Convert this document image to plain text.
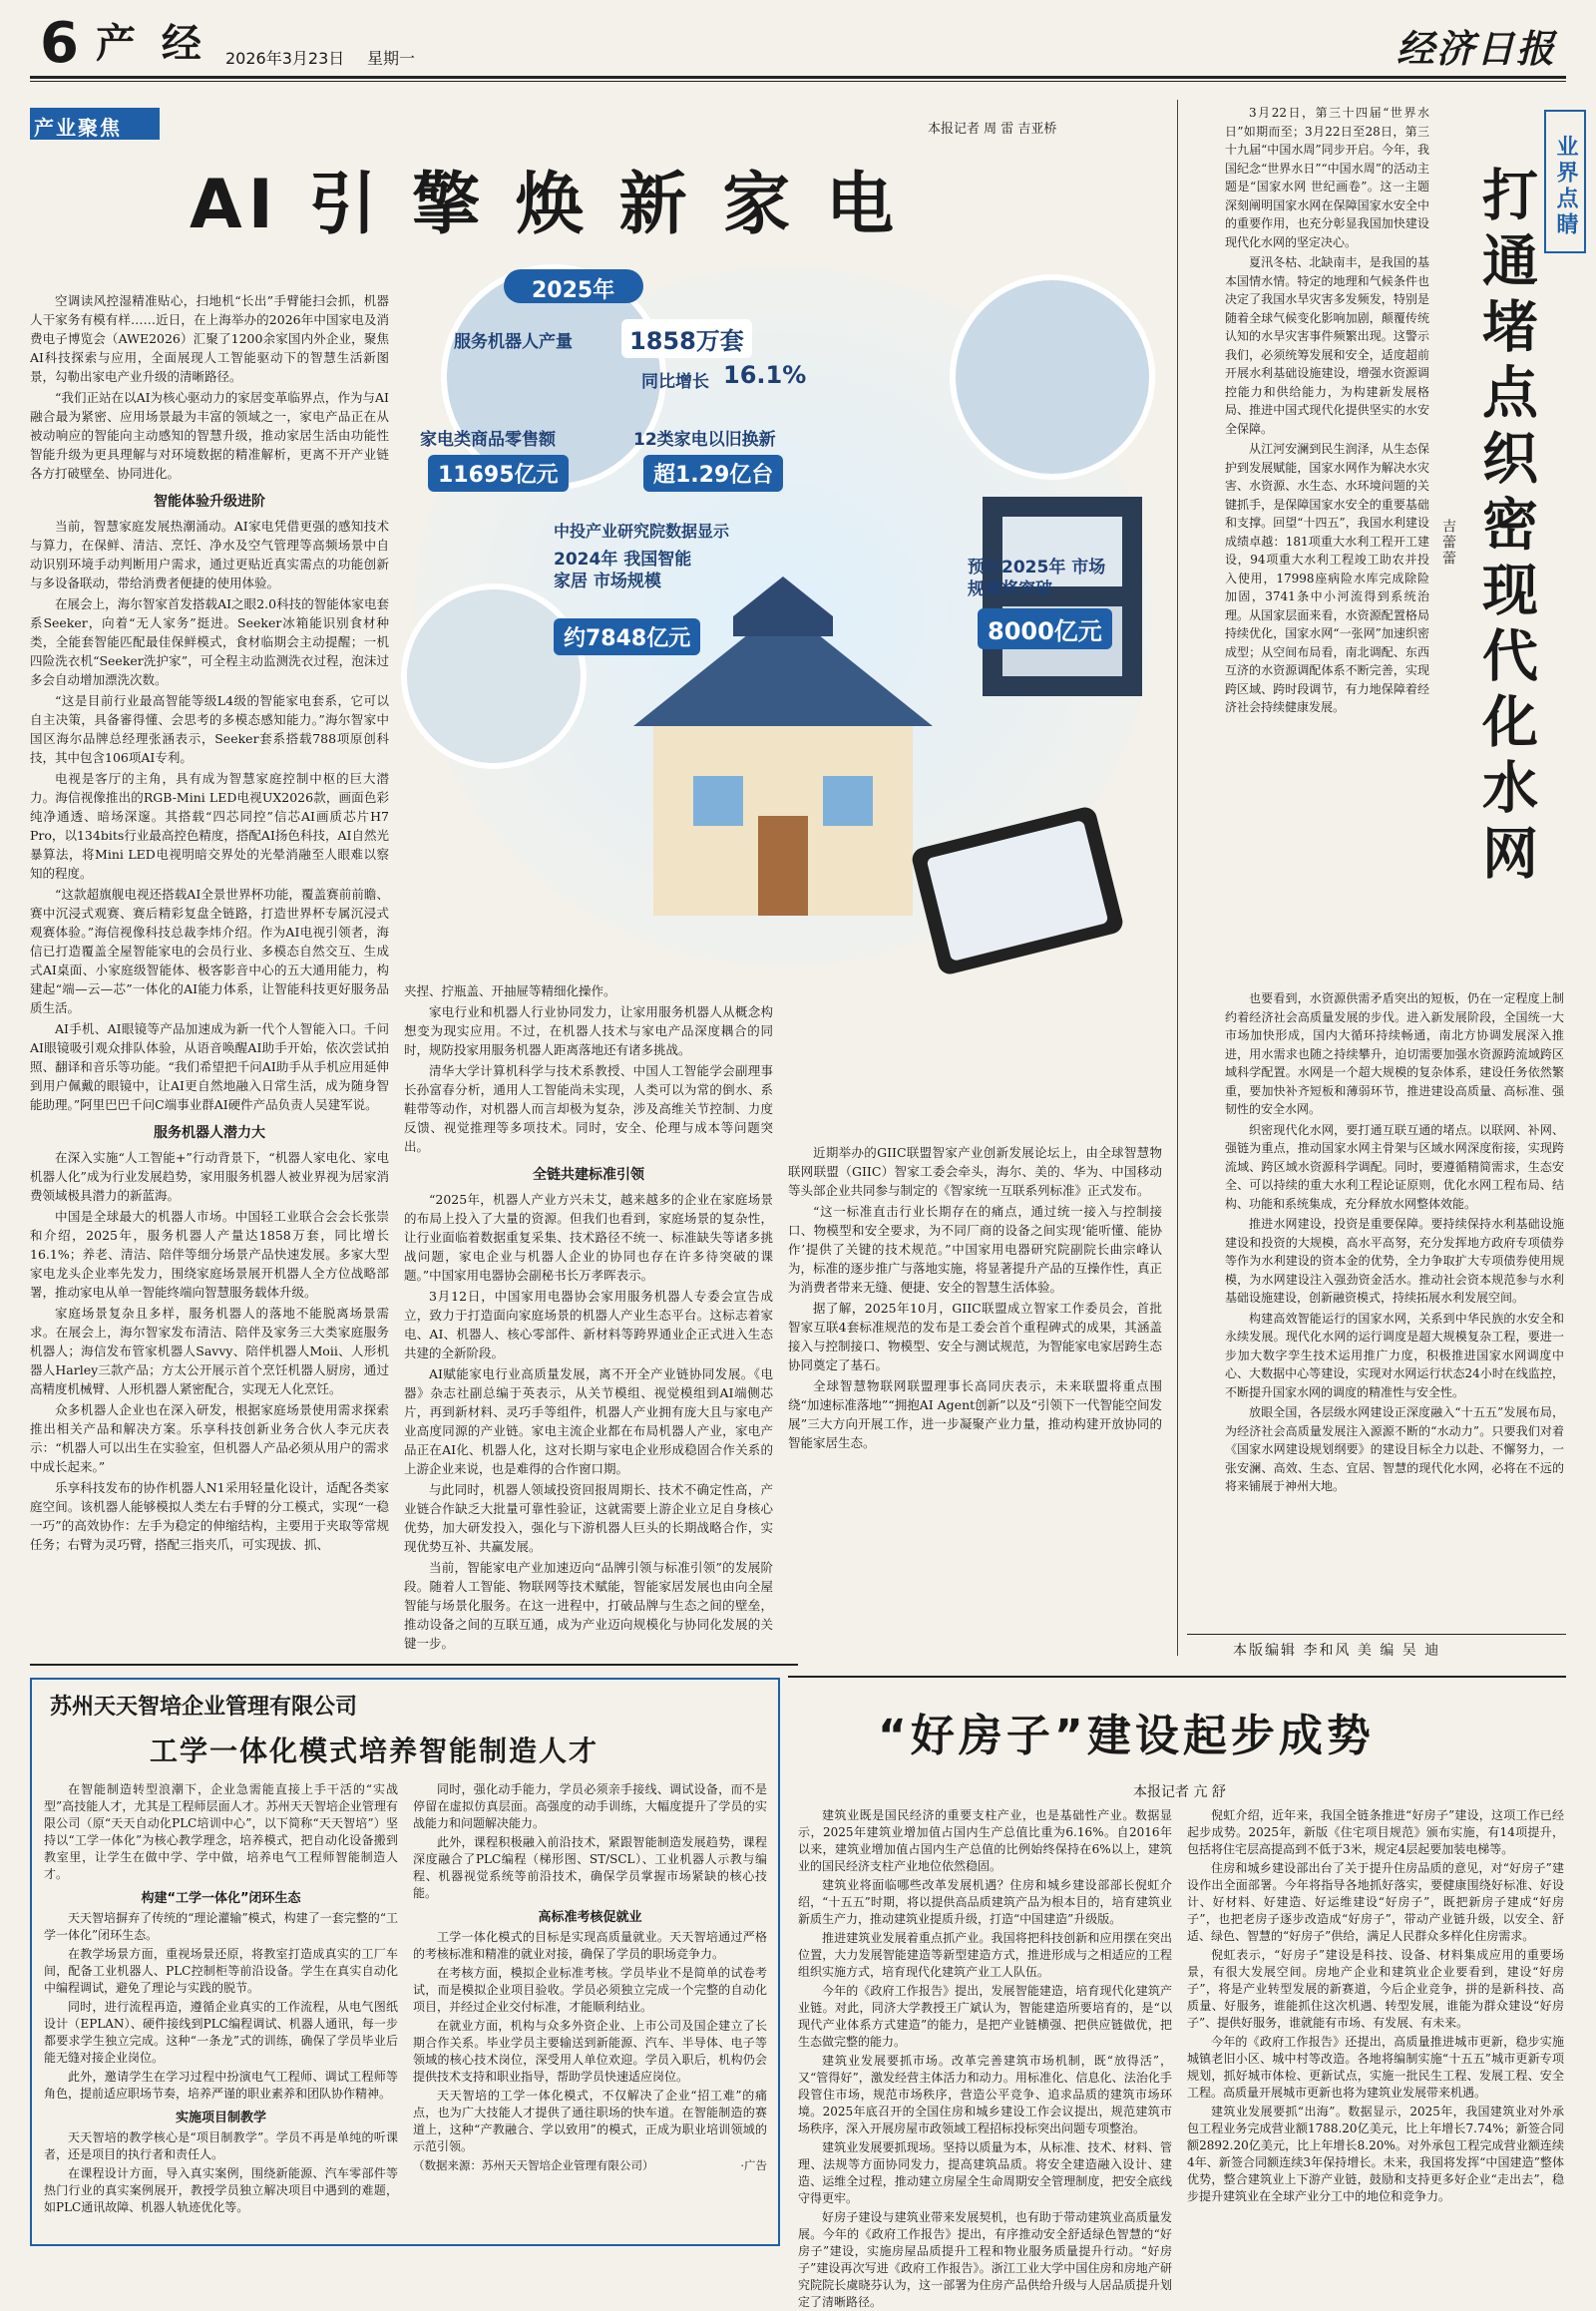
6 产 经 2026年3月23日 星期一	经济日报
产业聚焦	本报记者 周 雷 吉亚桥
AI 引 擎 焕 新 家 电
2025年
服务机器人产量	1858万套
同比增长 16.1%
家电类商品零售额
11695亿元
12类家电以旧换新
超1.29亿台
中投产业研究院数据显示
2024年 我国智能家居 市场规模
约7848亿元
预计2025年 市场规模将突破
8000亿元

空调读风控湿精准贴心，扫地机“长出”手臂能扫会抓，机器人干家务有模有样……近日，在上海举办的2026年中国家电及消费电子博览会（AWE2026）汇聚了1200余家国内外企业，聚焦AI科技探索与应用，全面展现人工智能驱动下的智慧生活新图景，勾勒出家电产业升级的清晰路径。

“我们正站在以AI为核心驱动力的家居变革临界点，作为与AI融合最为紧密、应用场景最为丰富的领域之一，家电产品正在从被动响应的智能向主动感知的智慧升级，推动家居生活由功能性智能升级为更具理解与对环境数据的精准解析，更离不开产业链各方打破壁垒、协同进化。

智能体验升级进阶

当前，智慧家庭发展热潮涌动。AI家电凭借更强的感知技术与算力，在保鲜、清洁、烹饪、净水及空气管理等高频场景中自动识别环境手动判断用户需求，通过更贴近真实需点的功能创新与多设备联动，带给消费者便捷的使用体验。

在展会上，海尔智家首发搭载AI之眼2.0科技的智能体家电套系Seeker，向着“无人家务”挺进。Seeker冰箱能识别食材种类，全能套智能匹配最佳保鲜模式，食材临期会主动提醒；一机四险洗衣机“Seeker洗护家”，可全程主动监测洗衣过程，泡沫过多会自动增加漂洗次数。

“这是目前行业最高智能等级L4级的智能家电套系，它可以自主决策，具备審得懂、会思考的多模态感知能力。”海尔智家中国区海尔品牌总经理张涵表示，Seeker套系搭载788项原创科技，其中包含106项AI专利。

电视是客厅的主角，具有成为智慧家庭控制中枢的巨大潜力。海信视像推出的RGB-Mini LED电视UX2026款，画面色彩纯净通透、暗场深邃。其搭载“四芯同控”信芯AI画质芯片H7 Pro，以134bits行业最高控色精度，搭配AI扬色科技，AI自然光暴算法，将Mini LED电视明暗交界处的光晕消融至人眼难以察知的程度。

“这款超旗舰电视还搭载AI全景世界杯功能，覆盖赛前前瞻、赛中沉浸式观赛、赛后精彩复盘全链路，打造世界杯专属沉浸式观赛体验。”海信视像科技总裁李炜介绍。作为AI电视引领者，海信已打造覆盖全屋智能家电的会员行业、多模态自然交互、生成式AI桌面、小家庭级智能体、极客影音中心的五大通用能力，构建起“端—云—芯”一体化的AI能力体系，让智能科技更好服务品质生活。

AI手机、AI眼镜等产品加速成为新一代个人智能入口。千问AI眼镜吸引观众排队体验，从语音唤醒AI助手开始，依次尝试拍照、翻译和音乐等功能。“我们希望把千问AI助手从手机应用延伸到用户佩戴的眼镜中，让AI更自然地融入日常生活，成为随身智能助理。”阿里巴巴千问C端事业群AI硬件产品负责人吴建军说。

服务机器人潜力大

在深入实施“人工智能+”行动背景下，“机器人家电化、家电机器人化”成为行业发展趋势，家用服务机器人被业界视为居家消费领域极具潜力的新蓝海。

中国是全球最大的机器人市场。中国轻工业联合会会长张崇和介绍，2025年，服务机器人产量达1858万套，同比增长16.1%；养老、清洁、陪伴等细分场景产品快速发展。多家大型家电龙头企业率先发力，围绕家庭场景展开机器人全方位战略部署，推动家电从单一智能终端向智慧服务载体升级。

家庭场景复杂且多样，服务机器人的落地不能脱离场景需求。在展会上，海尔智家发布清洁、陪伴及家务三大类家庭服务机器人；海信发布管家机器人Savvy、陪伴机器人Moii、人形机器人Harley三款产品；方太公开展示首个烹饪机器人厨房，通过高精度机械臂、人形机器人紧密配合，实现无人化烹饪。

众多机器人企业也在深入研发，根据家庭场景使用需求探索推出相关产品和解决方案。乐享科技创新业务合伙人李元庆表示：“机器人可以出生在实验室，但机器人产品必须从用户的需求中成长起来。”

乐享科技发布的协作机器人N1采用轻量化设计，适配各类家庭空间。该机器人能够模拟人类左右手臂的分工模式，实现“一稳一巧”的高效协作：左手为稳定的伸缩结构，主要用于夹取等常规任务；右臂为灵巧臂，搭配三指夹爪，可实现拔、抓、

夹捏、拧瓶盖、开抽屉等精细化操作。

家电行业和机器人行业协同发力，让家用服务机器人从概念构想变为现实应用。不过，在机器人技术与家电产品深度耦合的同时，规防投家用服务机器人距离落地还有诸多挑战。

清华大学计算机科学与技术系教授、中国人工智能学会副理事长孙富春分析，通用人工智能尚未实现，人类可以为常的倒水、系鞋带等动作，对机器人而言却极为复杂，涉及高维关节控制、力度反馈、视觉推理等多项技术。同时，安全、伦理与成本等问题突出。

全链共建标准引领

“2025年，机器人产业方兴未艾，越来越多的企业在家庭场景的布局上投入了大量的资源。但我们也看到，家庭场景的复杂性，让行业面临着数据重复采集、技术路径不统一、标准缺失等诸多挑战问题，家电企业与机器人企业的协同也存在许多待突破的课题。”中国家用电器协会副秘书长万孝晖表示。

3月12日，中国家用电器协会家用服务机器人专委会宣告成立，致力于打造面向家庭场景的机器人产业生态平台。这标志着家电、AI、机器人、核心零部件、新材料等跨界通业企正式进入生态共建的全新阶段。

AI赋能家电行业高质量发展，离不开全产业链协同发展。《电器》杂志社副总编于英表示，从关节模组、视觉模组到AI端侧芯片，再到新材料、灵巧手等组件，机器人产业拥有庞大且与家电产业高度同源的产业链。家电主流企业都在布局机器人产业，家电产品正在AI化、机器人化，这对长期与家电企业形成稳固合作关系的上游企业来说，也是难得的合作窗口期。

与此同时，机器人领域投资回报周期长、技术不确定性高，产业链合作缺乏大批量可靠性验证，这就需要上游企业立足自身核心优势，加大研发投入，强化与下游机器人巨头的长期战略合作，实现优势互补、共赢发展。

当前，智能家电产业加速迈向“品牌引领与标准引领”的发展阶段。随着人工智能、物联网等技术赋能，智能家居发展也由向全屋智能与场景化服务。在这一进程中，打破品牌与生态之间的壁垒，推动设备之间的互联互通，成为产业迈向规模化与协同化发展的关键一步。

近期举办的GIIC联盟智家产业创新发展论坛上，由全球智慧物联网联盟（GIIC）智家工委会牵头，海尔、美的、华为、中国移动等头部企业共同参与制定的《智家统一互联系列标准》正式发布。

“这一标准直击行业长期存在的痛点，通过统一接入与控制接口、物模型和安全要求，为不同厂商的设备之间实现‘能听懂、能协作’提供了关键的技术规范。”中国家用电器研究院副院长曲宗峰认为，标准的逐步推广与落地实施，将显著提升产品的互操作性，真正为消费者带来无缝、便捷、安全的智慧生活体验。

据了解，2025年10月，GIIC联盟成立智家工作委员会，首批智家互联4套标准规范的发布是工委会首个重程碑式的成果，其涵盖接入与控制接口、物模型、安全与测试规范，为智能家电家居跨生态协同奠定了基石。

全球智慧物联网联盟理事长高同庆表示，未来联盟将重点围绕“加速标准落地”“拥抱AI Agent创新”以及“引领下一代智能空间发展”三大方向开展工作，进一步凝聚产业力量，推动构建开放协同的智能家居生态。

业界点睛
打通堵点织密现代化水网
吉蕾蕾

3月22日，第三十四届“世界水日”如期而至；3月22日至28日，第三十九届“中国水周”同步开启。今年，我国纪念“世界水日”“中国水周”的活动主题是“国家水网 世纪画卷”。这一主题深刻阐明国家水网在保障国家水安全中的重要作用，也充分彰显我国加快建设现代化水网的坚定决心。

夏汛冬枯、北缺南丰，是我国的基本国情水情。特定的地理和气候条件也决定了我国水旱灾害多发频发，特别是随着全球气候变化影响加剧，颠覆传统认知的水旱灾害事件频繁出现。这警示我们，必须统筹发展和安全，适度超前开展水利基础设施建设，增强水资源调控能力和供给能力，为构建新发展格局、推进中国式现代化提供坚实的水安全保障。

从江河安澜到民生润泽，从生态保护到发展赋能，国家水网作为解决水灾害、水资源、水生态、水环境问题的关键抓手，是保障国家水安全的重要基础和支撑。回望“十四五”，我国水利建设成绩卓越：181项重大水利工程开工建设，94项重大水利工程竣工助农并投入使用，17998座病险水库完成除险加固，3741条中小河流得到系统治理。从国家层面来看，水资源配置格局持续优化，国家水网“一张网”加速织密成型；从空间布局看，南北调配、东西互济的水资源调配体系不断完善，实现跨区域、跨时段调节，有力地保障着经济社会持续健康发展。

也要看到，水资源供需矛盾突出的短板，仍在一定程度上制约着经济社会高质量发展的步伐。进入新发展阶段，全国统一大市场加快形成，国内大循环持续畅通，南北方协调发展深入推进，用水需求也随之持续攀升，迫切需要加强水资源跨流域跨区域科学配置。水网是一个超大规模的复杂体系，建设任务依然繁重，要加快补齐短板和薄弱环节，推进建设高质量、高标准、强韧性的安全水网。

织密现代化水网，要打通互联互通的堵点。以联网、补网、强链为重点，推动国家水网主骨架与区域水网深度衔接，实现跨流域、跨区域水资源科学调配。同时，要遵循精简需求，生态安全、可以持续的重大水利工程论证原则，优化水网工程布局、结构、功能和系统集成，充分释放水网整体效能。

推进水网建设，投资是重要保障。要持续保持水利基础设施建设和投资的大规模，高水平高努，充分发挥地方政府专项债券等作为水利建设的资本金的优势，全力争取扩大专项债券使用规模，为水网建设注入强劲资金活水。推动社会资本规范参与水利基础设施建设，创新融资模式，持续拓展水利发展空间。

构建高效智能运行的国家水网，关系到中华民族的水安全和永续发展。现代化水网的运行调度是超大规模复杂工程，要进一步加大数字孪生技术运用推广力度，积极推进国家水网调度中心、大数据中心等建设，实现对水网运行状态24小时在线监控，不断提升国家水网的调度的精准性与安全性。

放眼全国，各层级水网建设正深度融入“十五五”发展布局，为经济社会高质量发展注入源源不断的“水动力”。只要我们对着《国家水网建设规划纲要》的建设目标全力以赴、不懈努力，一张安澜、高效、生态、宜居、智慧的现代化水网，必将在不远的将来铺展于神州大地。

本版编辑 李和风 美 编 吴 迪
苏州天天智培企业管理有限公司
工学一体化模式培养智能制造人才

在智能制造转型浪潮下，企业急需能直接上手干活的“实战型”高技能人才，尤其是工程师层面人才。苏州天天智培企业管理有限公司（原“天天自动化PLC培训中心”，以下简称“天天智培”）坚持以“工学一体化”为核心教学理念，培养模式，把自动化设备搬到教室里，让学生在做中学、学中做，培养电气工程师智能制造人才。

构建“工学一体化”闭环生态

天天智培摒弃了传统的“理论灌输”模式，构建了一套完整的“工学一体化”闭环生态。

在教学场景方面，重视场景还原，将教室打造成真实的工厂车间，配备工业机器人、PLC控制柜等前沿设备。学生在真实自动化中编程调试，避免了理论与实践的脱节。

同时，进行流程再造，遵循企业真实的工作流程，从电气图纸设计（EPLAN）、硬件接线到PLC编程调试、机器人通讯，每一步都要求学生独立完成。这种“一条龙”式的训练，确保了学员毕业后能无缝对接企业岗位。

此外，邀请学生在学习过程中扮演电气工程师、调试工程师等角色，提前适应职场节奏，培养严谨的职业素养和团队协作精神。

实施项目制教学

天天智培的教学核心是“项目制教学”。学员不再是单纯的听课者，还是项目的执行者和责任人。

在课程设计方面，导入真实案例，围绕新能源、汽车零部件等热门行业的真实案例展开，教授学员独立解决项目中遇到的难题，如PLC通讯故障、机器人轨迹优化等。

同时，强化动手能力，学员必须亲手接线、调试设备，而不是停留在虚拟仿真层面。高强度的动手训练，大幅度提升了学员的实战能力和问题解决能力。

此外，课程积极融入前沿技术，紧跟智能制造发展趋势，课程深度融合了PLC编程（梯形图、ST/SCL）、工业机器人示教与编程、机器视觉系统等前沿技术，确保学员掌握市场紧缺的核心技能。

高标准考核促就业

工学一体化模式的目标是实现高质量就业。天天智培通过严格的考核标准和精准的就业对接，确保了学员的职场竞争力。

在考核方面，模拟企业标准考核。学员毕业不是简单的试卷考试，而是模拟企业项目验收。学员必须独立完成一个完整的自动化项目，并经过企业交付标准，才能顺利结业。

在就业方面，机构与众多外资企业、上市公司及国企建立了长期合作关系。毕业学员主要输送到新能源、汽车、半导体、电子等领域的核心技术岗位，深受用人单位欢迎。学员入职后，机构仍会提供技术支持和职业指导，帮助学员快速适应岗位。

天天智培的工学一体化模式，不仅解决了企业“招工难”的痛点，也为广大技能人才提供了通往职场的快车道。在智能制造的赛道上，这种“产教融合、学以致用”的模式，正成为职业培训领域的示范引领。

（数据来源：苏州天天智培企业管理有限公司）	·广告
“好房子”建设起步成势
本报记者 亢 舒

建筑业既是国民经济的重要支柱产业，也是基础性产业。数据显示，2025年建筑业增加值占国内生产总值比重为6.16%。自2016年以来，建筑业增加值占国内生产总值的比例始终保持在6%以上，建筑业的国民经济支柱产业地位依然稳固。

建筑业将面临哪些改革发展机遇？住房和城乡建设部部长倪虹介绍，“十五五”时期，将以提供高品质建筑产品为根本目的，培育建筑业新质生产力，推动建筑业提质升级，打造“中国建造”升级版。

推进建筑业发展着重点抓产业。我国将把科技创新和应用摆在突出位置，大力发展智能建造等新型建造方式，推进形成与之相适应的工程组织实施方式，培育现代化建筑产业工人队伍。

今年的《政府工作报告》提出，发展智能建造，培育现代化建筑产业链。对此，同济大学教授王广斌认为，智能建造所要培育的，是“以现代产业体系方式建造”的能力，是把产业链横强、把供应链做优，把生态做完整的能力。

建筑业发展要抓市场。改革完善建筑市场机制，既“放得活”，又“管得好”，激发经营主体活力和动力。用标准化、信息化、法治化手段管住市场，规范市场秩序，营造公平竞争、追求品质的建筑市场环境。2025年底召开的全国住房和城乡建设工作会议提出，规范建筑市场秩序，深入开展房屋市政领域工程招标投标突出问题专项整治。

建筑业发展要抓现场。坚持以质量为本，从标准、技术、材料、管理、法规等方面协同发力，提高建筑品质。将安全建造融入设计、建造、运维全过程，推动建立房屋全生命周期安全管理制度，把安全底线守得更牢。

好房子建设与建筑业带来发展契机，也有助于带动建筑业高质量发展。今年的《政府工作报告》提出，有序推动安全舒适绿色智慧的“好房子”建设，实施房屋品质提升工程和物业服务质量提升行动。“好房子”建设再次写进《政府工作报告》。浙江工业大学中国住房和房地产研究院院长虞晓芬认为，这一部署为住房产品供给升级与人居品质提升划定了清晰路径。

倪虹介绍，近年来，我国全链条推进“好房子”建设，这项工作已经起步成势。2025年，新版《住宅项目规范》颁布实施，有14项提升，包括将住宅层高提高到不低于3米，规定4层起要加装电梯等。

住房和城乡建设部出台了关于提升住房品质的意见，对“好房子”建设作出全面部署。今年将指导各地抓好落实，要健康围绕好标准、好设计、好材料、好建造、好运维建设“好房子”，既把新房子建成“好房子”，也把老房子逐步改造成“好房子”，带动产业链升级，以安全、舒适、绿色、智慧的“好房子”供给，满足人民群众多样化住房需求。

倪虹表示，“好房子”建设是科技、设备、材料集成应用的重要场景，有很大发展空间。房地产企业和建筑业企业要看到，建设“好房子”，将是产业转型发展的新赛道，今后企业竞争，拼的是新科技、高质量、好服务，谁能抓住这次机遇、转型发展，谁能为群众建设“好房子”、提供好服务，谁就能有市场、有发展、有未来。

今年的《政府工作报告》还提出，高质量推进城市更新，稳步实施城镇老旧小区、城中村等改造。各地将编制实施“十五五”城市更新专项规划，抓好城市体检、更新试点，实施一批民生工程、发展工程、安全工程。高质量开展城市更新也将为建筑业发展带来机遇。

建筑业发展要抓“出海”。数据显示，2025年，我国建筑业对外承包工程业务完成营业额1788.20亿美元，比上年增长7.74%；新签合同额2892.20亿美元，比上年增长8.20%。对外承包工程完成营业额连续4年、新签合同额连续3年保持增长。未来，我国将发挥“中国建造”整体优势，整合建筑业上下游产业链，鼓励和支持更多好企业“走出去”，稳步提升建筑业在全球产业分工中的地位和竞争力。
